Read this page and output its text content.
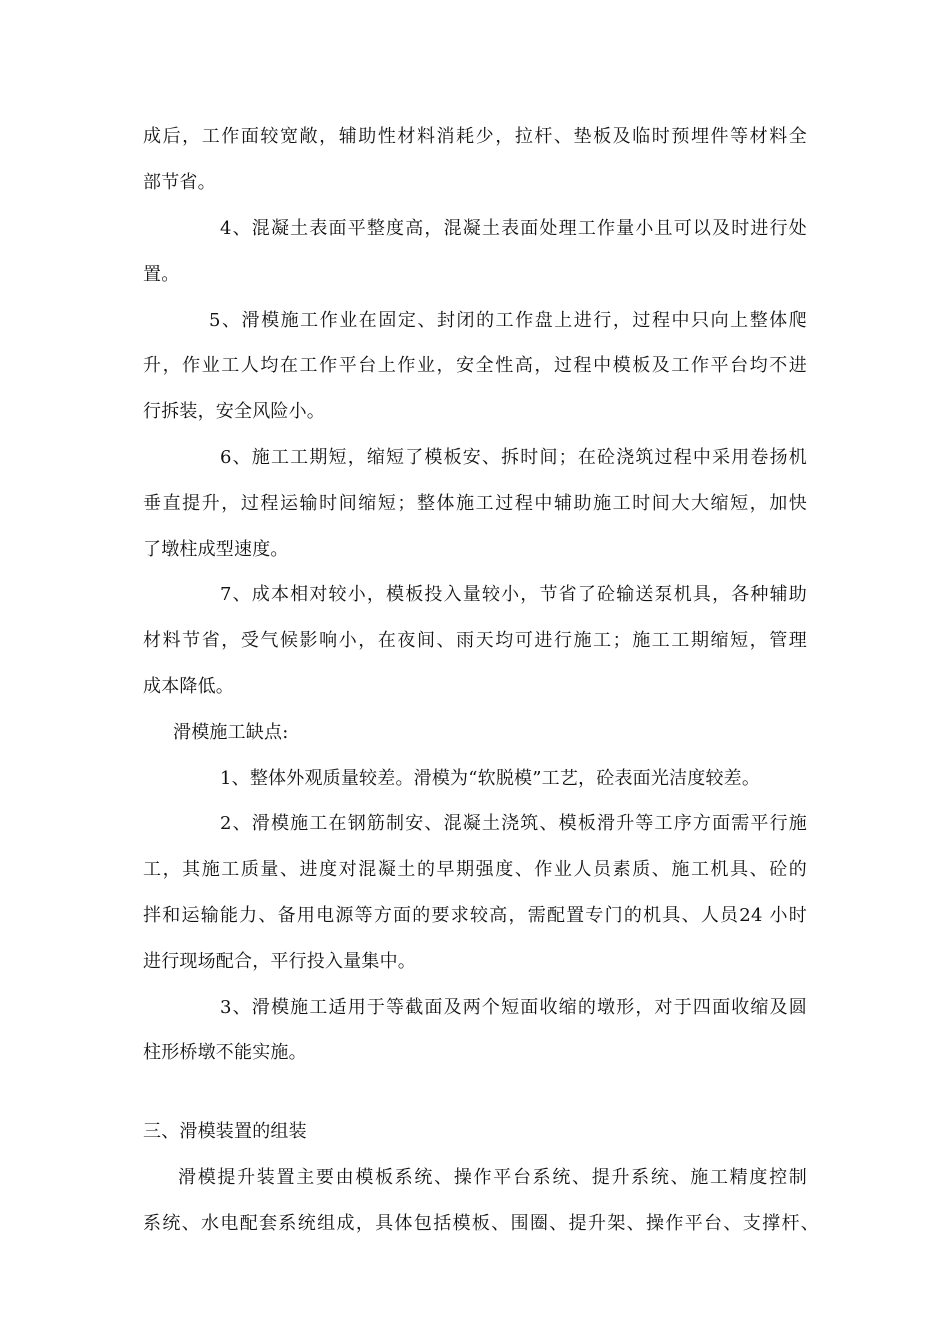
成后，工作面较宽敞，辅助性材料消耗少，拉杆、垫板及临时预埋件等材料全
部节省。
4、混凝土表面平整度高，混凝土表面处理工作量小且可以及时进行处
置。
5、滑模施工作业在固定、封闭的工作盘上进行，过程中只向上整体爬
升，作业工人均在工作平台上作业，安全性高，过程中模板及工作平台均不进
行拆装，安全风险小。
6、施工工期短，缩短了模板安、拆时间；在砼浇筑过程中采用卷扬机
垂直提升，过程运输时间缩短；整体施工过程中辅助施工时间大大缩短，加快
了墩柱成型速度。
7、成本相对较小，模板投入量较小，节省了砼输送泵机具，各种辅助
材料节省，受气候影响小，在夜间、雨天均可进行施工；施工工期缩短，管理
成本降低。
滑模施工缺点:
1、整体外观质量较差。滑模为“软脱模”工艺，砼表面光洁度较差。
2、滑模施工在钢筋制安、混凝土浇筑、模板滑升等工序方面需平行施
工，其施工质量、进度对混凝土的早期强度、作业人员素质、施工机具、砼的
拌和运输能力、备用电源等方面的要求较高，需配置专门的机具、人员24 小时
进行现场配合，平行投入量集中。
3、滑模施工适用于等截面及两个短面收缩的墩形，对于四面收缩及圆
柱形桥墩不能实施。
三、滑模装置的组装
滑模提升装置主要由模板系统、操作平台系统、提升系统、施工精度控制
系统、水电配套系统组成，具体包括模板、围圈、提升架、操作平台、支撑杆、
